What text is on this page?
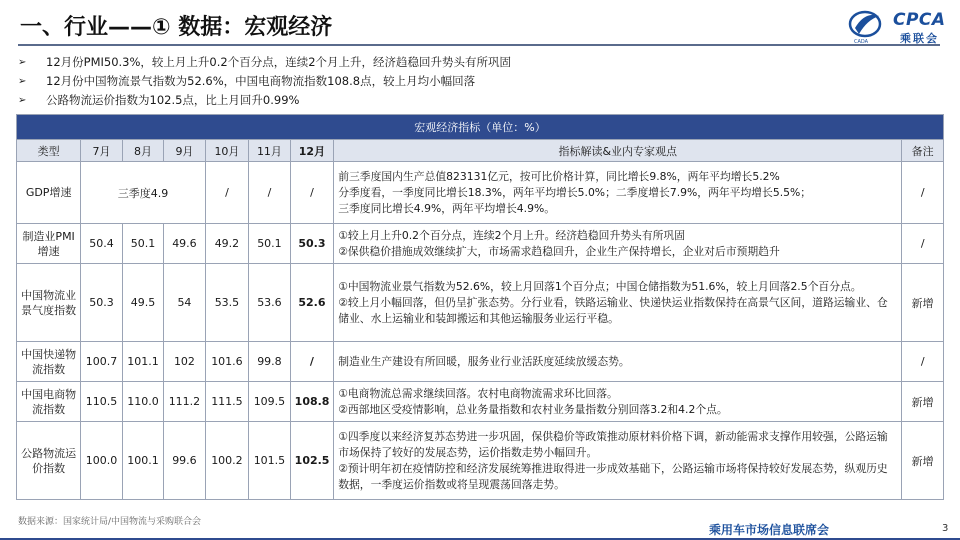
一、行业——① 数据：宏观经济
CADA
CPCA
乘联会
➢ 12月份PMI50.3%，较上月上升0.2个百分点，连续2个月上升，经济趋稳回升势头有所巩固
➢ 12月份中国物流景气指数为52.6%，中国电商物流指数108.8点，较上月均小幅回落
➢ 公路物流运价指数为102.5点，比上月回升0.99%
宏观经济指标（单位：%）								
类型	7月	8月	9月	10月	11月	12月	指标解读&业内专家观点	备注
GDP增速	三季度4.9			/	/	/	前三季度国内生产总值823131亿元，按可比价格计算，同比增长9.8%，两年平均增长5.2%
分季度看，一季度同比增长18.3%，两年平均增长5.0%；二季度增长7.9%，两年平均增长5.5%；
三季度同比增长4.9%，两年平均增长4.9%。	/
制造业PMI增速	50.4	50.1	49.6	49.2	50.1	50.3	①较上月上升0.2个百分点，连续2个月上升。经济趋稳回升势头有所巩固
②保供稳价措施成效继续扩大，市场需求趋稳回升，企业生产保持增长，企业对后市预期趋升	/
中国物流业景气度指数	50.3	49.5	54	53.5	53.6	52.6	①中国物流业景气指数为52.6%，较上月回落1个百分点；中国仓储指数为51.6%，较上月回落2.5个百分点。
②较上月小幅回落，但仍呈扩张态势。分行业看，铁路运输业、快递快运业指数保持在高景气区间，道路运输业、仓储业、水上运输业和装卸搬运和其他运输服务业运行平稳。	新增
中国快递物流指数	100.7	101.1	102	101.6	99.8	/	制造业生产建设有所回暖，服务业行业活跃度延续放缓态势。	/
中国电商物流指数	110.5	110.0	111.2	111.5	109.5	108.8	①电商物流总需求继续回落。农村电商物流需求环比回落。
②西部地区受疫情影响，总业务量指数和农村业务量指数分别回落3.2和4.2个点。	新增
公路物流运价指数	100.0	100.1	99.6	100.2	101.5	102.5	①四季度以来经济复苏态势进一步巩固，保供稳价等政策推动原材料价格下调，新动能需求支撑作用较强，公路运输市场保持了较好的发展态势，运价指数走势小幅回升。
②预计明年初在疫情防控和经济发展统筹推进取得进一步成效基础下，公路运输市场将保持较好发展态势，纵观历史数据，一季度运价指数或将呈现震荡回落走势。	新增
数据来源：国家统计局/中国物流与采购联合会
乘用车市场信息联席会	3
